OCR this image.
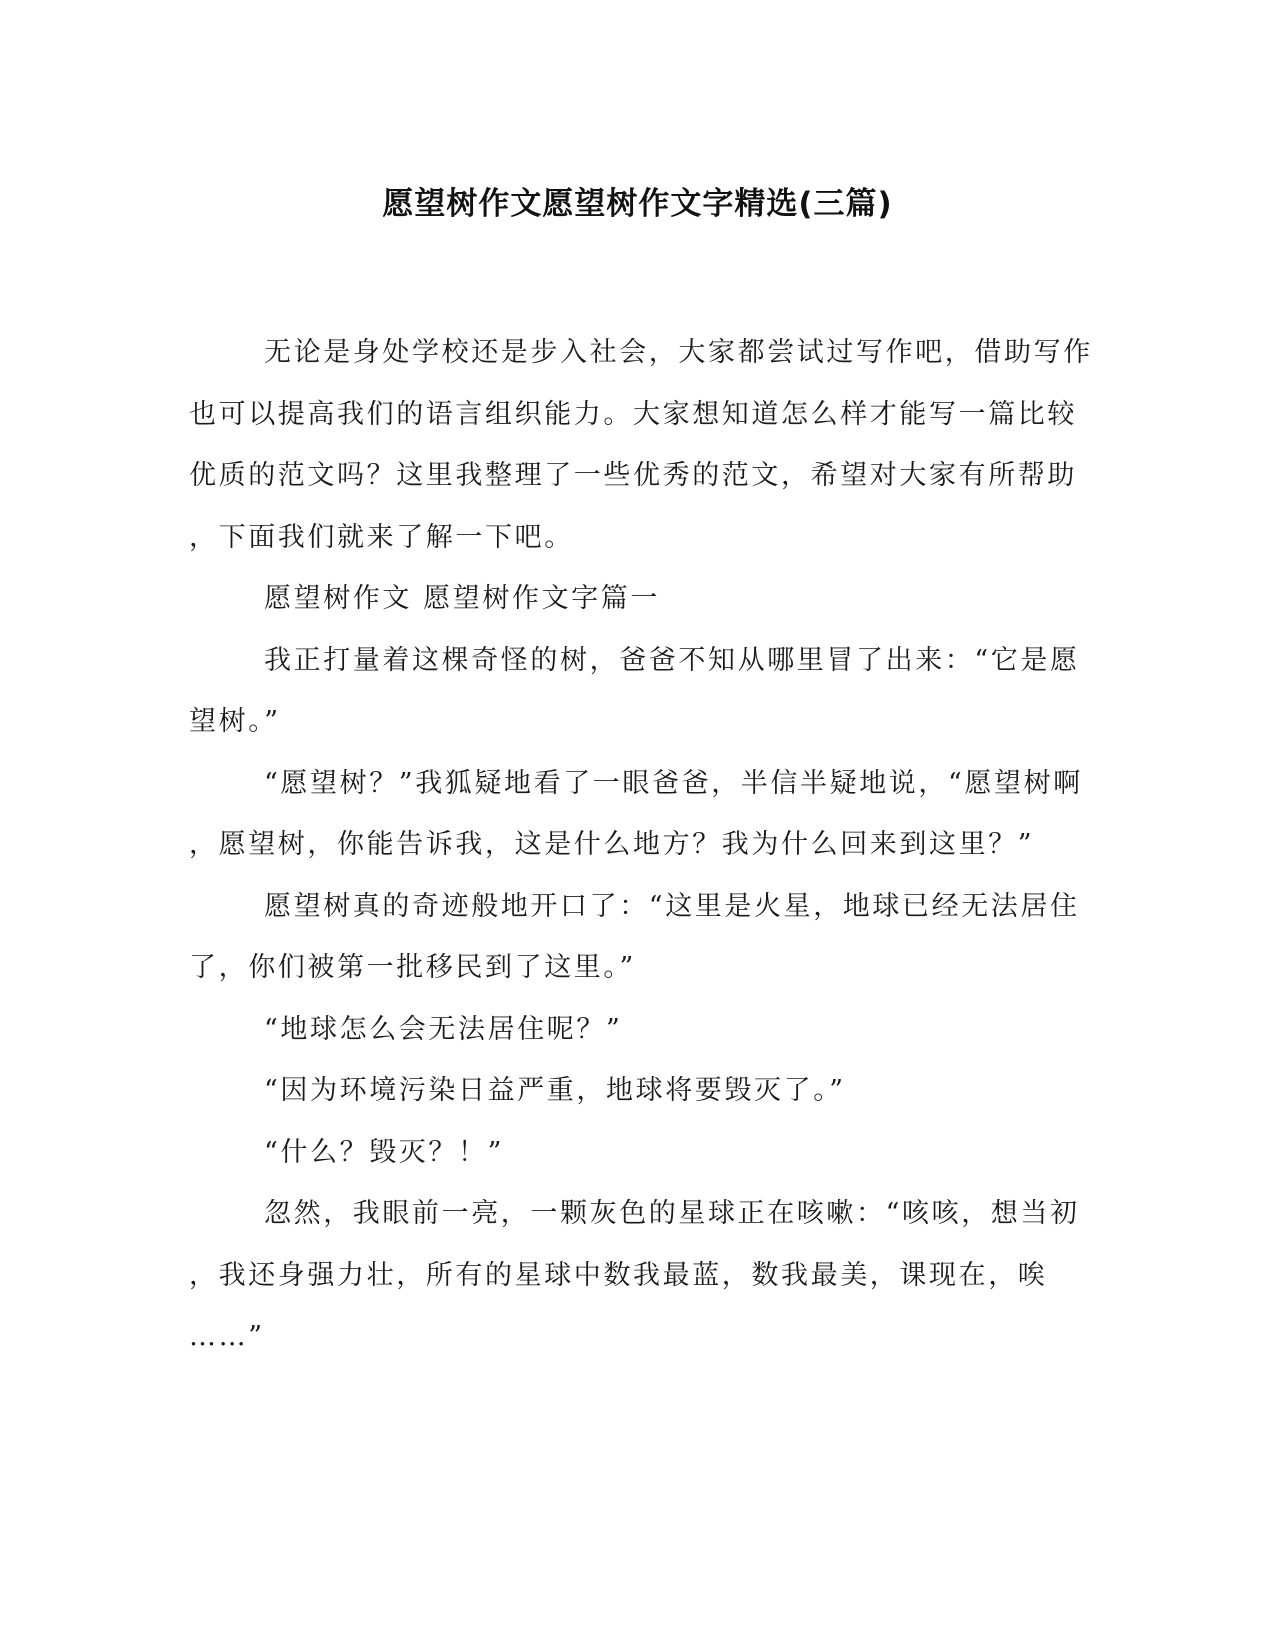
愿望树作文愿望树作文字精选(三篇)

无论是身处学校还是步入社会，大家都尝试过写作吧，借助写作
也可以提高我们的语言组织能力。大家想知道怎么样才能写一篇比较
优质的范文吗？这里我整理了一些优秀的范文，希望对大家有所帮助
，下面我们就来了解一下吧。

愿望树作文 愿望树作文字篇一

我正打量着这棵奇怪的树，爸爸不知从哪里冒了出来：“它是愿
望树。”

“愿望树？”我狐疑地看了一眼爸爸，半信半疑地说，“愿望树啊
，愿望树，你能告诉我，这是什么地方？我为什么回来到这里？”

愿望树真的奇迹般地开口了：“这里是火星，地球已经无法居住
了，你们被第一批移民到了这里。”

“地球怎么会无法居住呢？”

“因为环境污染日益严重，地球将要毁灭了。”

“什么？毁灭？！”

忽然，我眼前一亮，一颗灰色的星球正在咳嗽：“咳咳，想当初
，我还身强力壮，所有的星球中数我最蓝，数我最美，课现在，唉
……”
